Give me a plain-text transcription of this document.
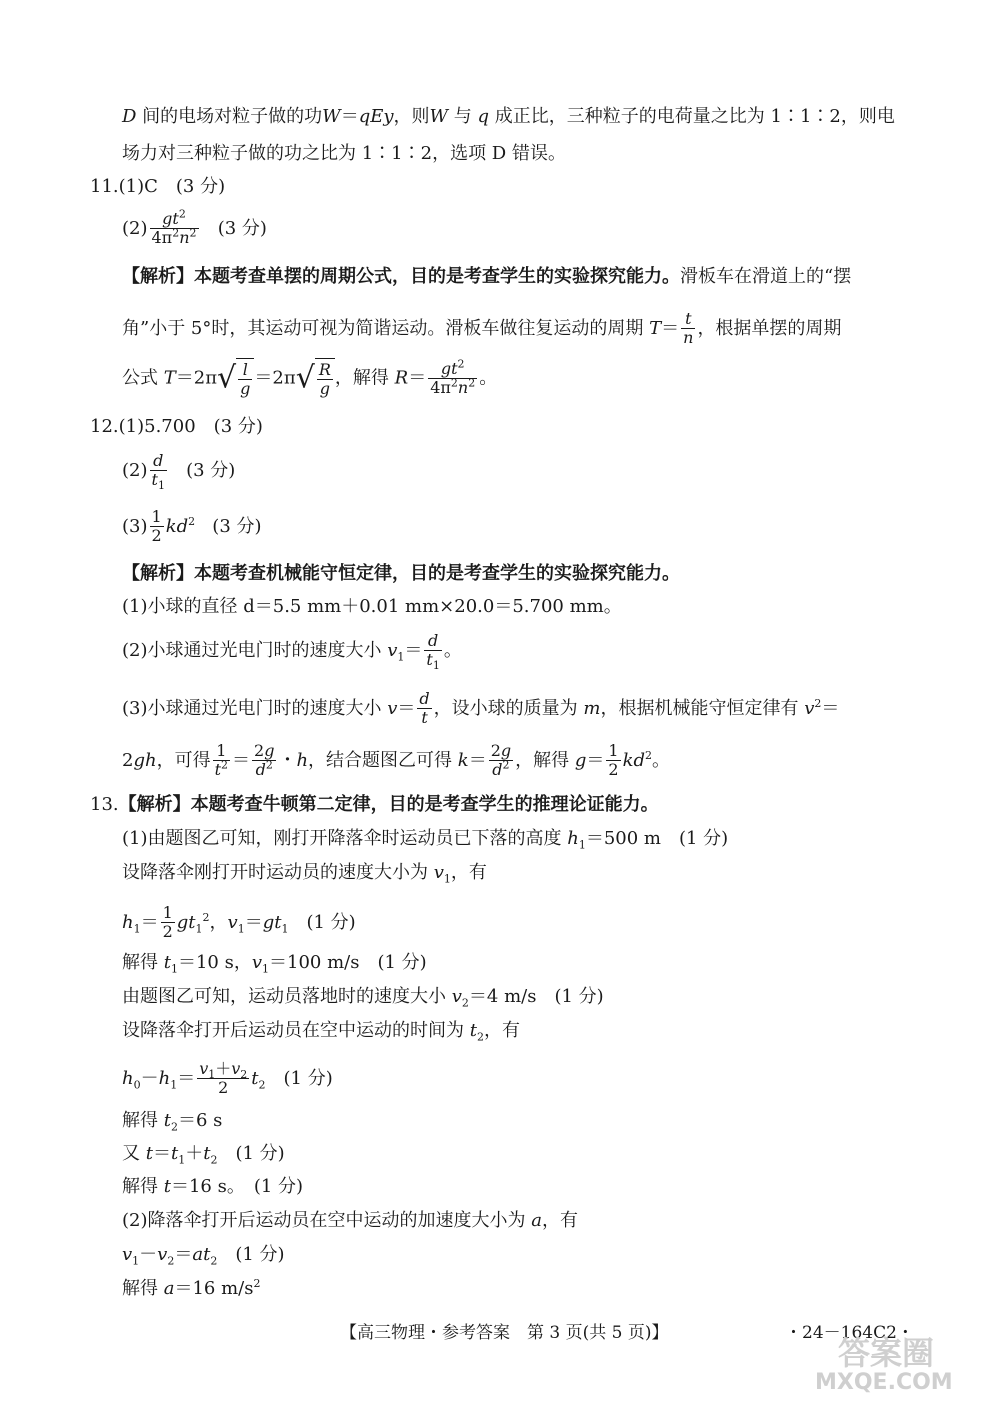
D 间的电场对粒子做的功W＝qEy，则W 与 q 成正比，三种粒子的电荷量之比为 1∶1∶2，则电
场力对三种粒子做的功之比为 1∶1∶2，选项 D 错误。
11.(1)C　(3 分)
$(2) \frac{gt^2}{4\pi^2n^2} (3$ 分)
【解析】本题考查单摆的周期公式，目的是考查学生的实验探究能力。滑板车在滑道上的“摆
角”小于 5°时，其运动可视为简谐运动。滑板车做往复运动的周期 $T= \frac{t}{n}$ ，根据单摆的周期
公式 $T=2\pi√ \frac{l}{g} =2\pi√ \frac{R}{g}$ ，解得 $R= \frac{gt^2}{4\pi^2n^2}$ 。
12.(1)5.700　(3 分)
$(2) \frac{d}{t_1} (3$ 分)
$(3) \frac{1}{2} kd^2$ (3 分)
【解析】本题考查机械能守恒定律，目的是考查学生的实验探究能力。
(1)小球的直径 d＝5.5 mm＋0.01 mm×20.0＝5.700 mm。
(2)小球通过光电门时的速度大小 $v_1= \frac{d}{t_1}$ 。
(3)小球通过光电门时的速度大小 $v= \frac{d}{t}$ ，设小球的质量为 m，根据机械能守恒定律有 $v^2=$
2gh，可得 $\frac{1}{t^2} = \frac{2g}{d^2}$ ・h，结合题图乙可得 $k= \frac{2g}{d^2}$ ，解得 $g= \frac{1}{2} kd^2$。
13.【解析】本题考查牛顿第二定律，目的是考查学生的推理论证能力。
(1)由题图乙可知，刚打开降落伞时运动员已下落的高度 $h_1=500$ m　(1 分)
设降落伞刚打开时运动员的速度大小为 $v_1$，有
$h_1= \frac{1}{2} gt_1^2$，$v_1=gt_1$　 (1 分)
解得 $t_1=10$ s，$v_1=100$ m/s　(1 分)
由题图乙可知，运动员落地时的速度大小 $v_2=4$ m/s　(1 分)
设降落伞打开后运动员在空中运动的时间为 $t_2$，有
$h_0-h_1= \frac{v_1+v_2}{2} t_2$　 (1 分)
解得 $t_2=6$ s
又 $t=t_1+t_2$　 (1 分)
解得 t＝16 s。　(1 分)
(2)降落伞打开后运动员在空中运动的加速度大小为 a，有
$v_1-v_2=at_2$　 (1 分)
解得 a＝16 $m/s^2$
【高三物理・参考答案　第 3 页(共 5 页)】	・24－164C2・
答案圈
MXQE.COM
